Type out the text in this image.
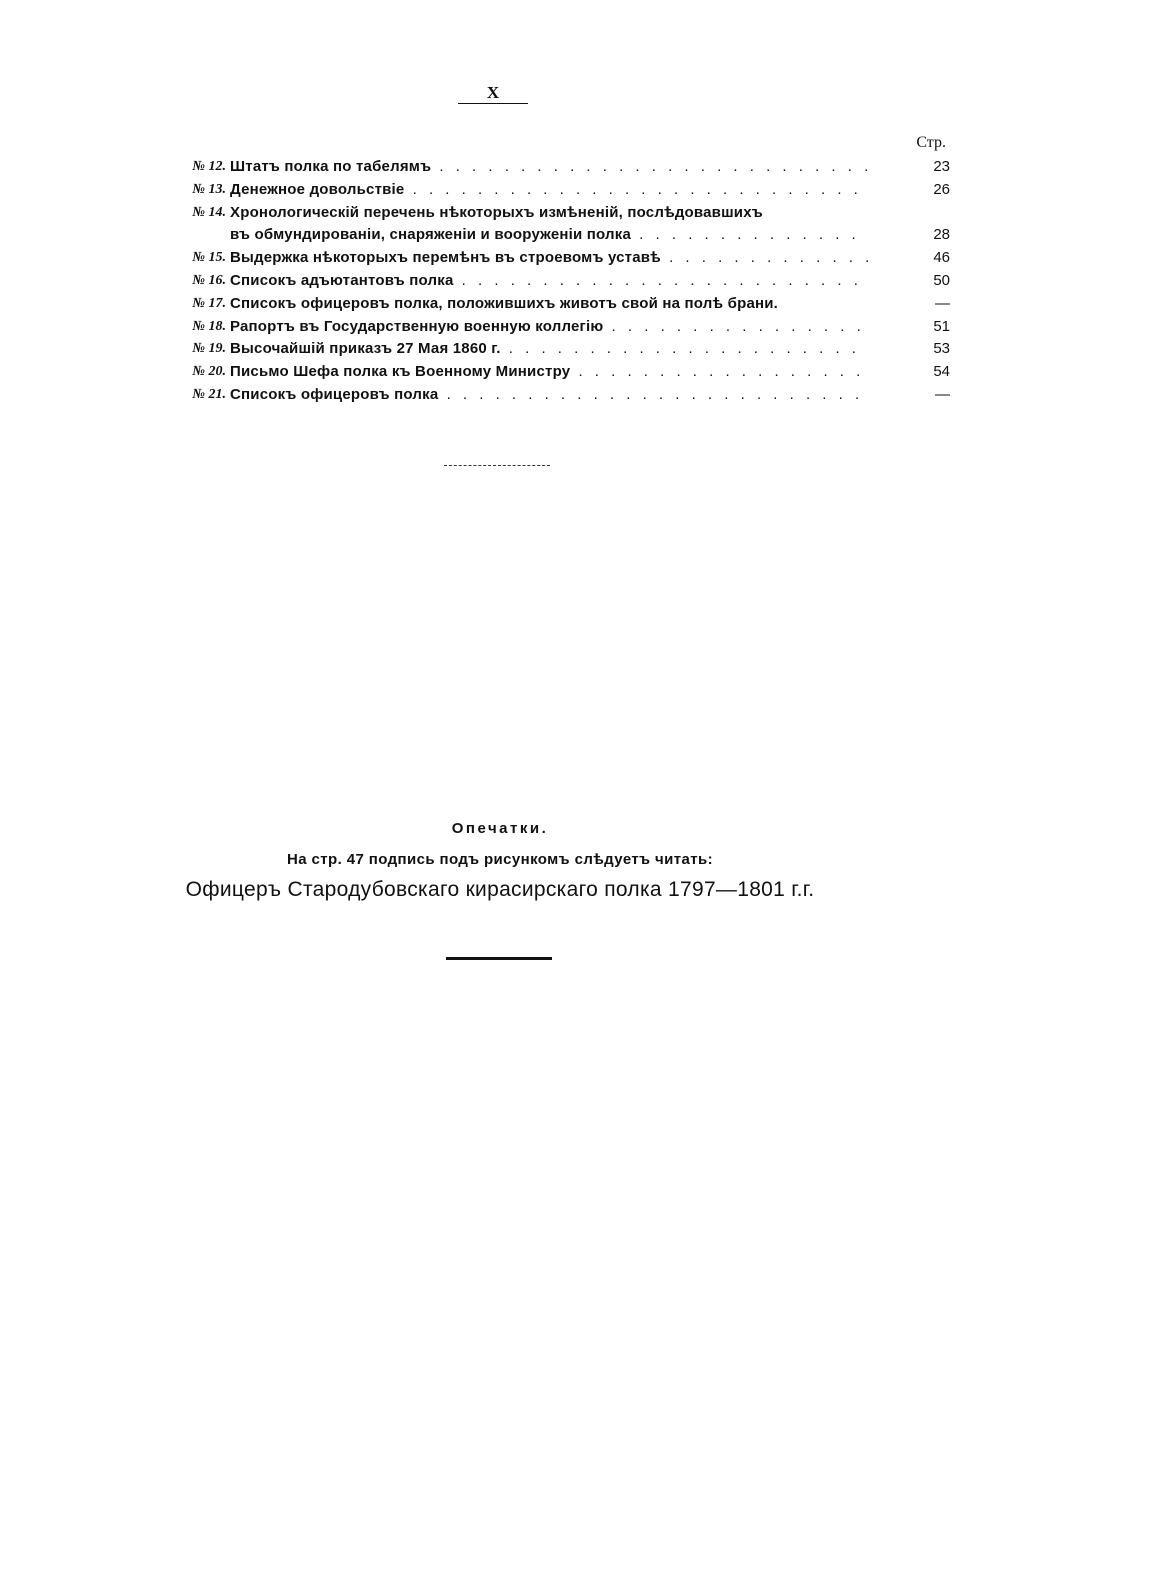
X
Стр.
№ 12. Штатъ полка по табелямъ . . .	23
№ 13. Денежное довольствіе . . .	26
№ 14. Хронологическій перечень нѣкоторыхъ измѣненій, послѣдовавшихъ
въ обмундированіи, снаряженіи и вооруженіи полка . . .	28
№ 15. Выдержка нѣкоторыхъ перемѣнъ въ строевомъ уставѣ . . .	46
№ 16. Списокъ адъютантовъ полка . . .	50
№ 17. Списокъ офицеровъ полка, положившихъ животъ свой на полѣ брани.	—
№ 18. Рапортъ въ Государственную военную коллегію . . .	51
№ 19. Высочайшій приказъ 27 Мая 1860 г. . . .	53
№ 20. Письмо Шефа полка къ Военному Министру . . .	54
№ 21. Списокъ офицеровъ полка . . .	—
Опечатки.
На стр. 47 подпись подъ рисункомъ слѣдуетъ читать:
Офицеръ Стародубовскаго кирасирскаго полка 1797—1801 г.г.
